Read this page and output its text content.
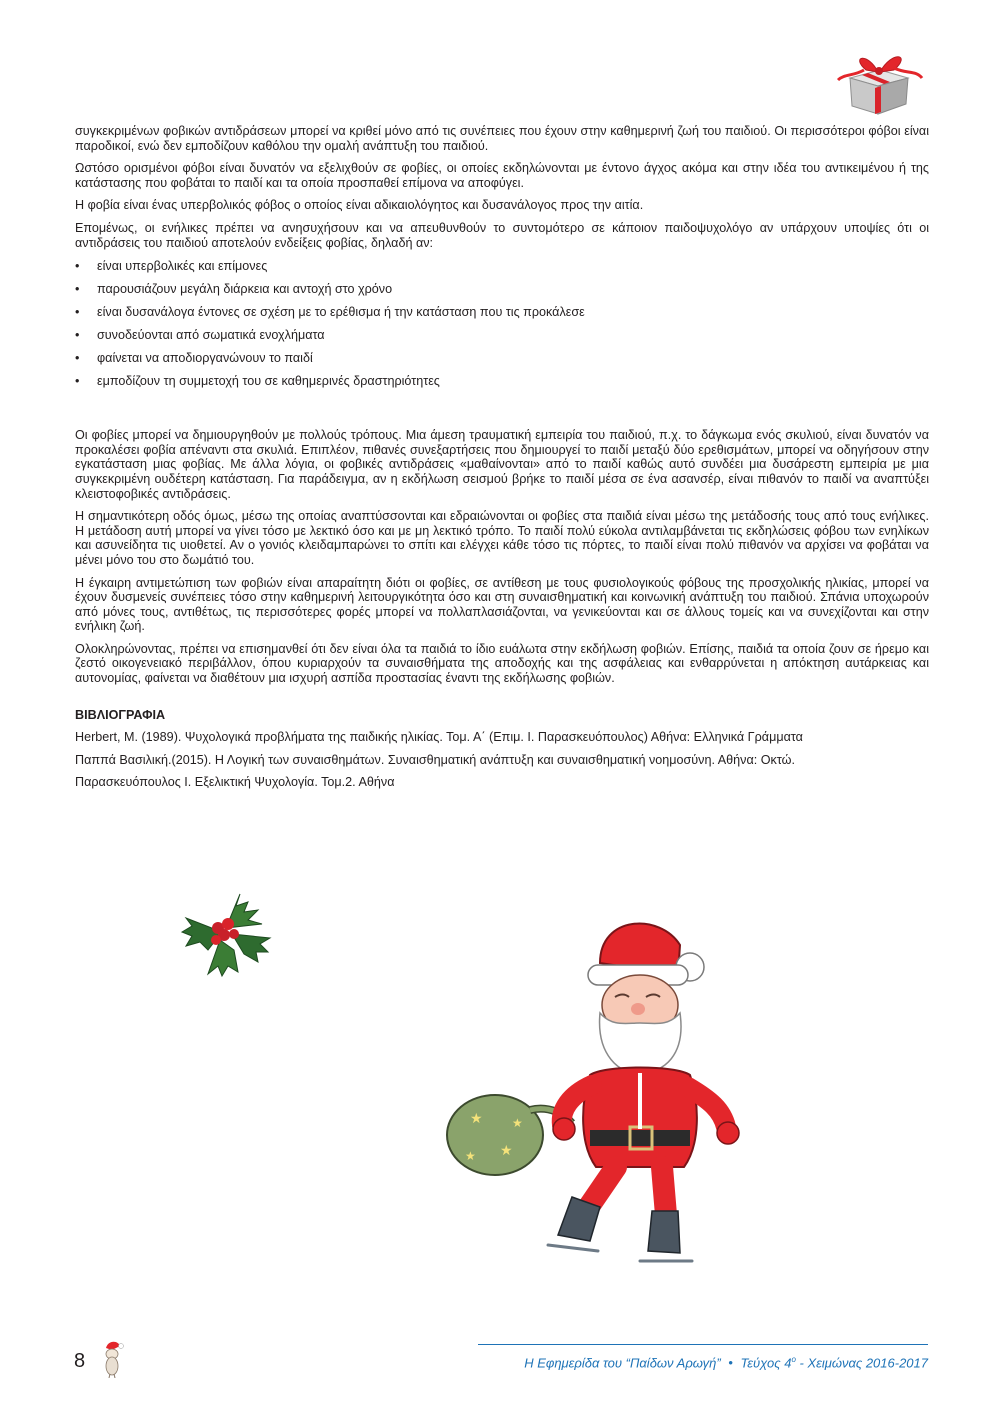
συγκεκριμένων φοβικών αντιδράσεων μπορεί να κριθεί μόνο από τις συνέπειες που έχουν στην καθημερινή ζωή του παιδιού. Οι περισσότεροι φόβοι είναι παροδικοί, ενώ δεν εμποδίζουν καθόλου την ομαλή ανάπτυξη του παιδιού.

Ωστόσο ορισμένοι φόβοι είναι δυνατόν να εξελιχθούν σε φοβίες, οι οποίες εκδηλώνονται με έντονο άγχος ακόμα και στην ιδέα του αντικειμένου ή της κατάστασης που φοβάται το παιδί και τα οποία προσπαθεί επίμονα να αποφύγει.

Η φοβία είναι ένας υπερβολικός φόβος ο οποίος είναι αδικαιολόγητος και δυσανάλογος προς την αιτία.

Επομένως, οι ενήλικες πρέπει να ανησυχήσουν και να απευθυνθούν το συντομότερο σε κάποιον παιδοψυχολόγο αν υπάρχουν υποψίες ότι οι αντιδράσεις του παιδιού αποτελούν ενδείξεις φοβίας, δηλαδή αν:

• είναι υπερβολικές και επίμονες
• παρουσιάζουν μεγάλη διάρκεια και αντοχή στο χρόνο
• είναι δυσανάλογα έντονες σε σχέση με το ερέθισμα ή την κατάσταση που τις προκάλεσε
• συνοδεύονται από σωματικά ενοχλήματα
• φαίνεται να αποδιοργανώνουν το παιδί
• εμποδίζουν τη συμμετοχή του σε καθημερινές δραστηριότητες

Οι φοβίες μπορεί να δημιουργηθούν με πολλούς τρόπους. Μια άμεση τραυματική εμπειρία του παιδιού, π.χ. το δάγκωμα ενός σκυλιού, είναι δυνατόν να προκαλέσει φοβία απέναντι στα σκυλιά. Επιπλέον, πιθανές συνεξαρτήσεις που δημιουργεί το παιδί μεταξύ δύο ερεθισμάτων, μπορεί να οδηγήσουν στην εγκατάσταση μιας φοβίας. Με άλλα λόγια, οι φοβικές αντιδράσεις «μαθαίνονται» από το παιδί καθώς αυτό συνδέει μια δυσάρεστη εμπειρία με μια συγκεκριμένη ουδέτερη κατάσταση. Για παράδειγμα, αν η εκδήλωση σεισμού βρήκε το παιδί μέσα σε ένα ασανσέρ, είναι πιθανόν το παιδί να αναπτύξει κλειστοφοβικές αντιδράσεις.

Η σημαντικότερη οδός όμως, μέσω της οποίας αναπτύσσονται και εδραιώνονται οι φοβίες στα παιδιά είναι μέσω της μετάδοσής τους από τους ενήλικες. Η μετάδοση αυτή μπορεί να γίνει τόσο με λεκτικό όσο και με μη λεκτικό τρόπο. Το παιδί πολύ εύκολα αντιλαμβάνεται τις εκδηλώσεις φόβου των ενηλίκων και ασυνείδητα τις υιοθετεί. Αν ο γονιός κλειδαμπαρώνει το σπίτι και ελέγχει κάθε τόσο τις πόρτες, το παιδί είναι πολύ πιθανόν να αρχίσει να φοβάται να μένει μόνο του στο δωμάτιό του.

Η έγκαιρη αντιμετώπιση των φοβιών είναι απαραίτητη διότι οι φοβίες, σε αντίθεση με τους φυσιολογικούς φόβους της προσχολικής ηλικίας, μπορεί να έχουν δυσμενείς συνέπειες τόσο στην καθημερινή λειτουργικότητα όσο και στη συναισθηματική και κοινωνική ανάπτυξη του παιδιού. Σπάνια υποχωρούν από μόνες τους, αντιθέτως, τις περισσότερες φορές μπορεί να πολλαπλασιάζονται, να γενικεύονται και σε άλλους τομείς και να συνεχίζονται και στην ενήλικη ζωή.

Ολοκληρώνοντας, πρέπει να επισημανθεί ότι δεν είναι όλα τα παιδιά το ίδιο ευάλωτα στην εκδήλωση φοβιών. Επίσης, παιδιά τα οποία ζουν σε ήρεμο και ζεστό οικογενειακό περιβάλλον, όπου κυριαρχούν τα συναισθήματα της αποδοχής και της ασφάλειας και ενθαρρύνεται η απόκτηση αυτάρκειας και αυτονομίας, φαίνεται να διαθέτουν μια ισχυρή ασπίδα προστασίας έναντι της εκδήλωσης φοβιών.

ΒΙΒΛΙΟΓΡΑΦΙΑ
Herbert, M. (1989). Ψυχολογικά προβλήματα της παιδικής ηλικίας. Τομ. Α΄ (Επιμ. Ι. Παρασκευόπουλος) Αθήνα: Ελληνικά Γράμματα
Παππά Βασιλική.(2015). Η Λογική των συναισθημάτων. Συναισθηματική ανάπτυξη και συναισθηματική νοημοσύνη. Αθήνα: Οκτώ.
Παρασκευόπουλος Ι. Εξελικτική Ψυχολογία. Τομ.2. Αθήνα
★
★
★
★
8	Η Εφημερίδα του “Παίδων Αρωγή” • Τεύχος $4^o$ - Χειμώνας 2016-2017
